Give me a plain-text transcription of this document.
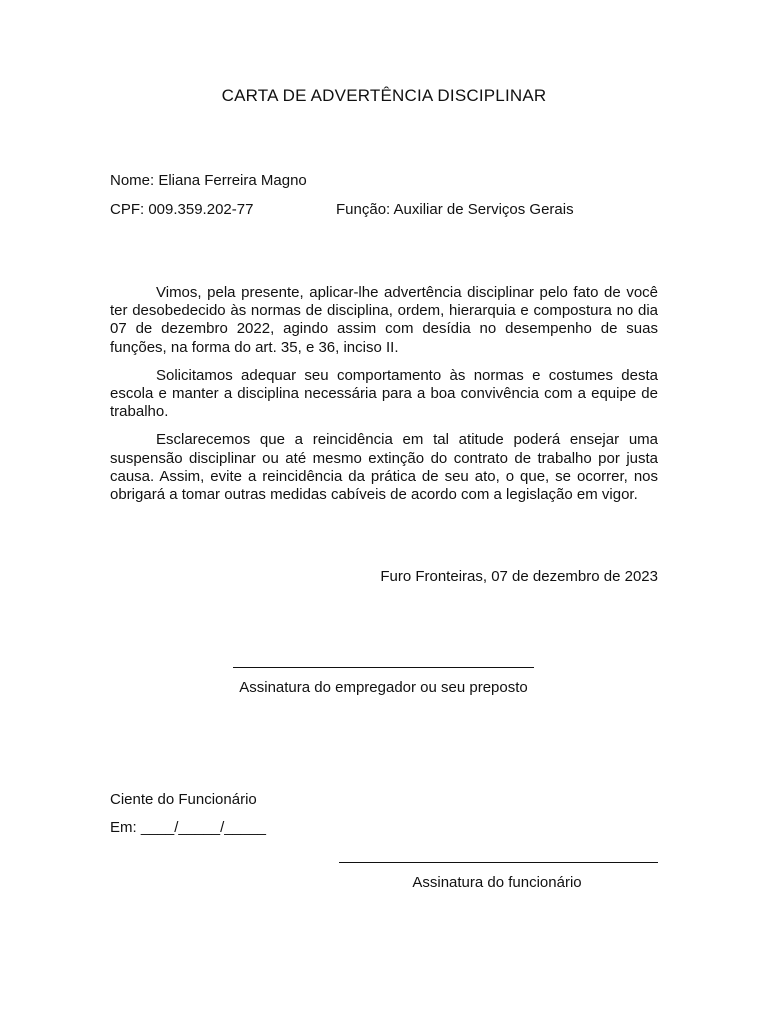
CARTA DE ADVERTÊNCIA DISCIPLINAR
Nome: Eliana Ferreira Magno
CPF: 009.359.202-77	Função: Auxiliar de Serviços Gerais

Vimos, pela presente, aplicar-lhe advertência disciplinar pelo fato de você ter desobedecido às normas de disciplina, ordem, hierarquia e compostura no dia 07 de dezembro 2022, agindo assim com desídia no desempenho de suas funções, na forma do art. 35, e 36, inciso II.

Solicitamos adequar seu comportamento às normas e costumes desta escola e manter a disciplina necessária para a boa convivência com a equipe de trabalho.

Esclarecemos que a reincidência em tal atitude poderá ensejar uma suspensão disciplinar ou até mesmo extinção do contrato de trabalho por justa causa. Assim, evite a reincidência da prática de seu ato, o que, se ocorrer, nos obrigará a tomar outras medidas cabíveis de acordo com a legislação em vigor.

Furo Fronteiras, 07 de dezembro de 2023
Assinatura do empregador ou seu preposto
Ciente do Funcionário
Em: ____/_____/_____
Assinatura do funcionário
